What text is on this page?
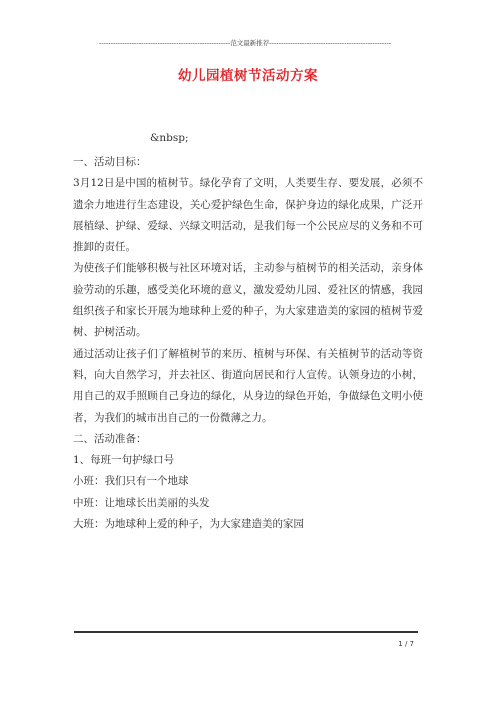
--------------------------------------------------------范文最新推荐----------------------------------------------------
幼儿园植树节活动方案
&nbsp;

一、活动目标：

3月12日是中国的植树节。绿化孕育了文明，人类要生存、要发展，必须不遗余力地进行生态建设，关心爱护绿色生命，保护身边的绿化成果，广泛开展植绿、护绿、爱绿、兴绿文明活动，是我们每一个公民应尽的义务和不可推卸的责任。

为使孩子们能够积极与社区环境对话，主动参与植树节的相关活动，亲身体验劳动的乐趣，感受美化环境的意义，激发爱幼儿园、爱社区的情感，我园组织孩子和家长开展为地球种上爱的种子，为大家建造美的家园的植树节爱树、护树活动。

通过活动让孩子们了解植树节的来历、植树与环保、有关植树节的活动等资料，向大自然学习，并去社区、街道向居民和行人宣传。认领身边的小树，用自己的双手照顾自己身边的绿化，从身边的绿色开始，争做绿色文明小使者，为我们的城市出自己的一份微薄之力。

二、活动准备：

1、每班一句护绿口号

小班：我们只有一个地球

中班：让地球长出美丽的头发

大班：为地球种上爱的种子，为大家建造美的家园

1 / 7
